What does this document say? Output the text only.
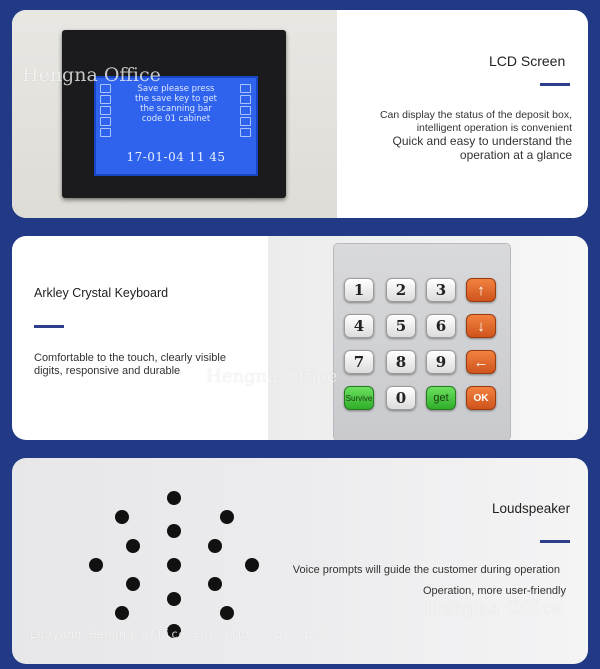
Save please press
the save key to get
the scanning bar
code 01 cabinet
17-01-04 11 45
LCD Screen
Can display the status of the deposit box,
intelligent operation is convenient
Quick and easy to understand the
operation at a glance
Hengna Office
Arkley Crystal Keyboard
Comfortable to the touch, clearly visible
digits, responsive and durable
1	2	3	↑
4	5	6	↓
7	8	9	←
Survive	0	get	OK
Hengna Office
Loudspeaker
Voice prompts will guide the customer during operation
Operation, more user-friendly
Hengna Office
Luoyang Hengna Office Furniture Co., Ltd.
